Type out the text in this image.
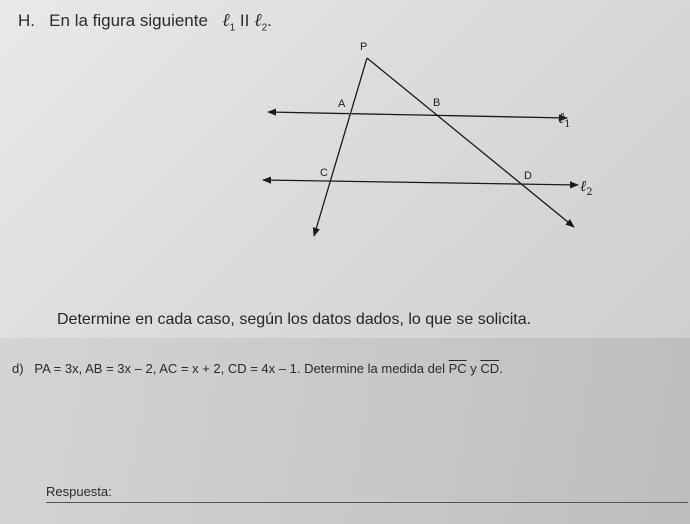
H. En la figura siguiente ℓ$_1$ II ℓ$_2$.
P
A	B
C	D
ℓ$_1$
ℓ$_2$
Determine en cada caso, según los datos dados, lo que se solicita.
d) PA = 3x, AB = 3x – 2, AC = x + 2, CD = 4x – 1. Determine la medida del $\overline{PC}$ y $\overline{CD}$.
Respuesta:
